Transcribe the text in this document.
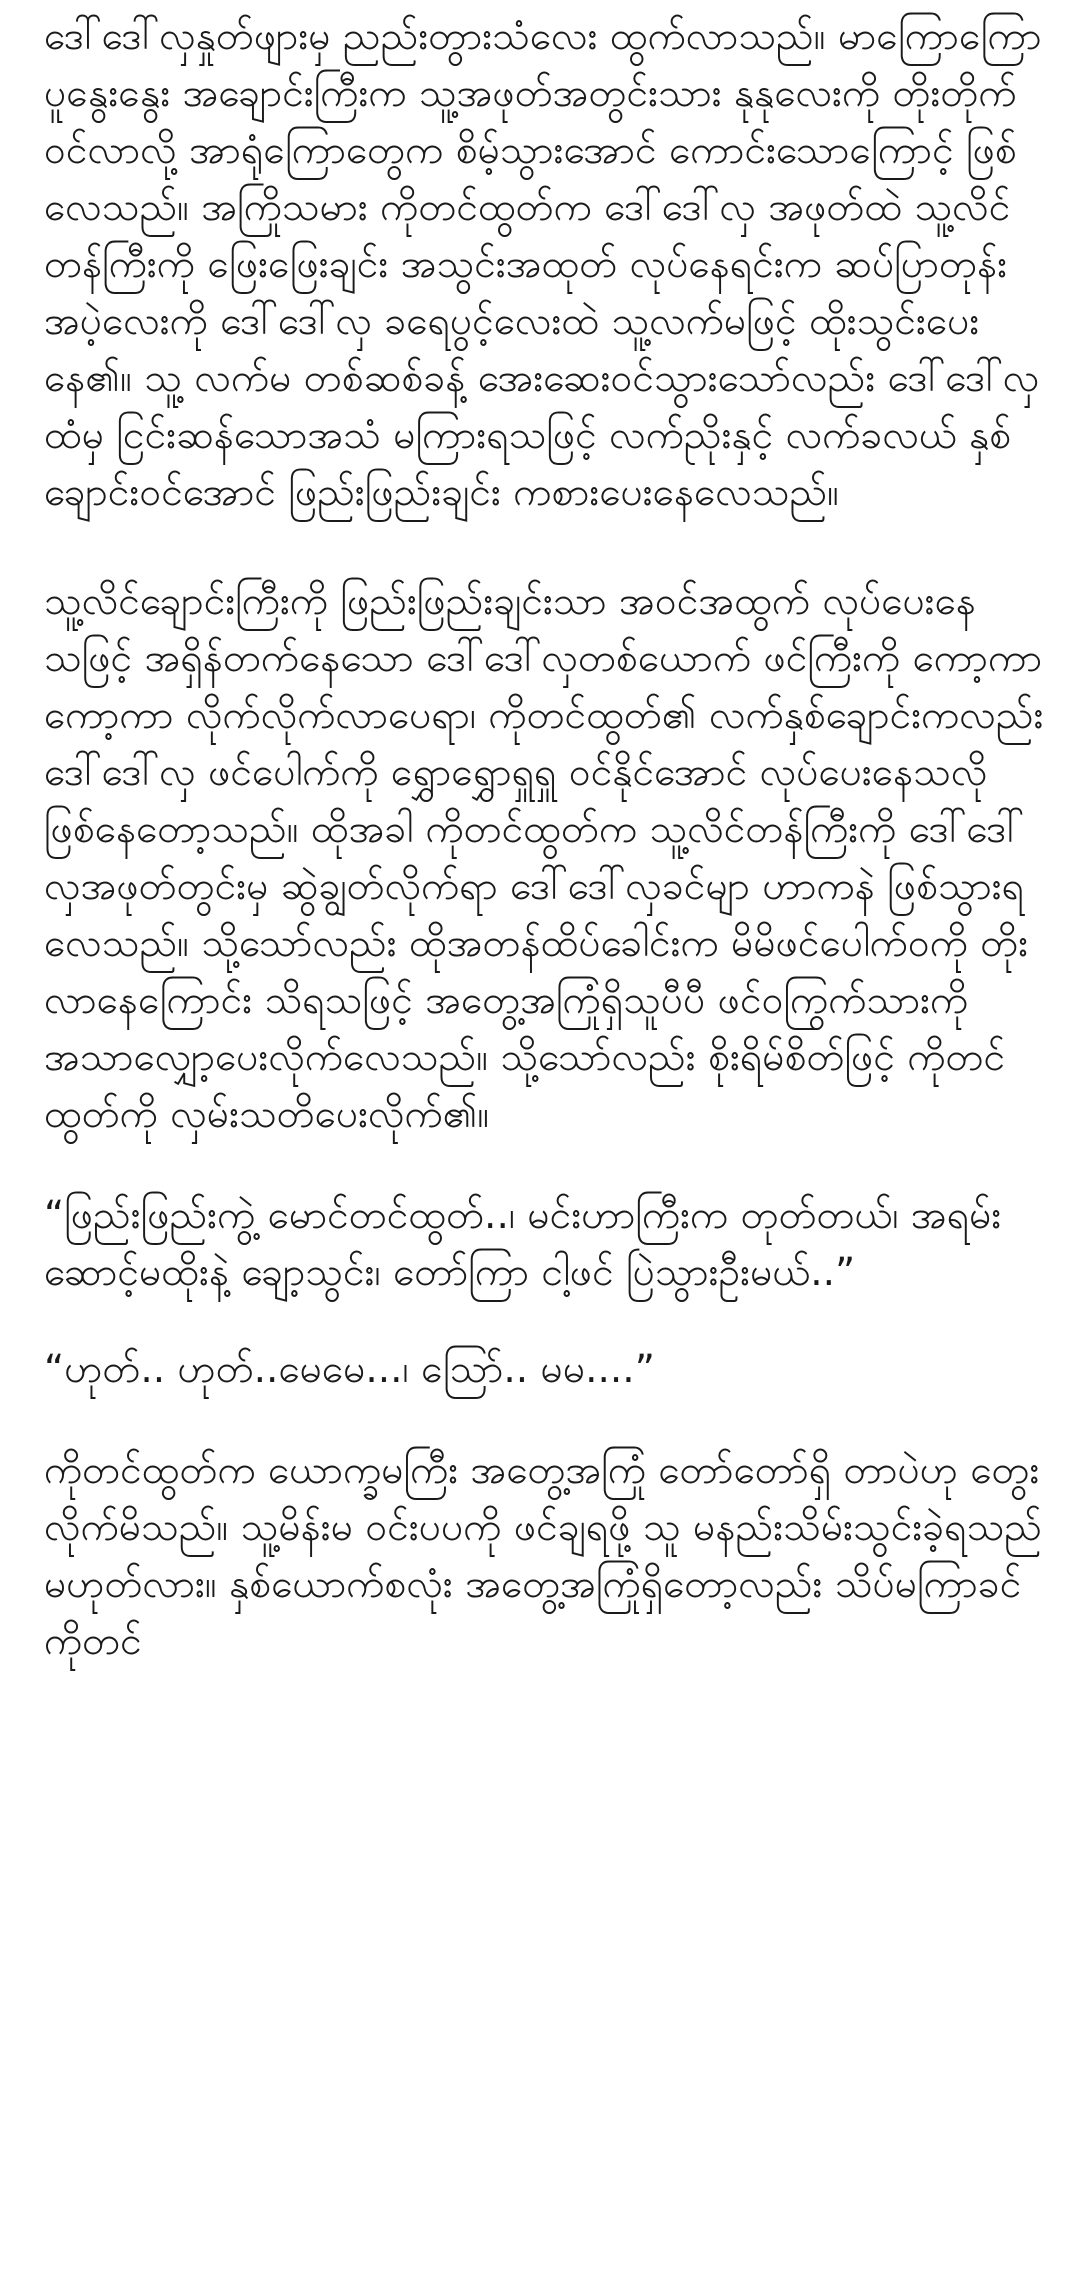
ဒေါ်ဒေါ်လှနှုတ်ဖျားမှ ညည်းတွားသံလေး ထွက်လာသည်။ မာကြောကြော ပူနွေးနွေး အချောင်းကြီးက သူ့အဖုတ်အတွင်းသား နုနုလေးကို တိုးတိုက်ဝင်လာလို့ အာရုံကြောတွေက စိမ့်သွားအောင် ကောင်းသောကြောင့် ဖြစ်လေသည်။ အကြိုသမား ကိုတင်ထွတ်က ဒေါ်ဒေါ်လှ အဖုတ်ထဲ သူ့လိင်တန်ကြီးကို ဖြေးဖြေးချင်း အသွင်းအထုတ် လုပ်နေရင်းက ဆပ်ပြာတုန်း အပဲ့လေးကို ဒေါ်ဒေါ်လှ ခရေပွင့်လေးထဲ သူ့လက်မဖြင့် ထိုးသွင်းပေးနေ၏။ သူ့ လက်မ တစ်ဆစ်ခန့် အေးဆေးဝင်သွားသော်လည်း ဒေါ်ဒေါ်လှထံမှ ငြင်းဆန်သောအသံ မကြားရသဖြင့် လက်ညိုးနှင့် လက်ခလယ် နှစ်ချောင်းဝင်အောင် ဖြည်းဖြည်းချင်း ကစားပေးနေလေသည်။

သူ့လိင်ချောင်းကြီးကို ဖြည်းဖြည်းချင်းသာ အဝင်အထွက် လုပ်ပေးနေသဖြင့် အရှိန်တက်နေသော ဒေါ်ဒေါ်လှတစ်ယောက် ဖင်ကြီးကို ကော့ကာကော့ကာ လိုက်လိုက်လာပေရာ၊ ကိုတင်ထွတ်၏ လက်နှစ်ချောင်းကလည်း ဒေါ်ဒေါ်လှ ဖင်ပေါက်ကို ရွှောရွှောရှူရှူ ဝင်နိုင်အောင် လုပ်ပေးနေသလို ဖြစ်နေတော့သည်။ ထိုအခါ ကိုတင်ထွတ်က သူ့လိင်တန်ကြီးကို ဒေါ်ဒေါ်လှအဖုတ်တွင်းမှ ဆွဲချွတ်လိုက်ရာ ဒေါ်ဒေါ်လှခင်မျာ ဟာကနဲ ဖြစ်သွားရလေသည်။ သို့သော်လည်း ထိုအတန်ထိပ်ခေါင်းက မိမိဖင်ပေါက်ဝကို တိုးလာနေကြောင်း သိရသဖြင့် အတွေ့အကြုံရှိသူပီပီ ဖင်ဝကြွက်သားကို အသာလျှော့ပေးလိုက်လေသည်။ သို့သော်လည်း စိုးရိမ်စိတ်ဖြင့် ကိုတင်ထွတ်ကို လှမ်းသတိပေးလိုက်၏။

“ဖြည်းဖြည်းကွဲ့ မောင်တင်ထွတ်..၊ မင်းဟာကြီးက တုတ်တယ်၊ အရမ်းဆောင့်မထိုးနဲ့ ချော့သွင်း၊ တော်ကြာ ငါ့ဖင် ပြဲသွားဦးမယ်..”

“ဟုတ်.. ဟုတ်..မေမေ...၊ ဩော်.. မမ....”

ကိုတင်ထွတ်က ယောက္ခမကြီး အတွေ့အကြုံ တော်တော်ရှိ တာပဲဟု တွေးလိုက်မိသည်။ သူ့မိန်းမ ဝင်းပပကို ဖင်ချရဖို့ သူ မနည်းသိမ်းသွင်းခဲ့ရသည် မဟုတ်လား။ နှစ်ယောက်စလုံး အတွေ့အကြုံရှိတော့လည်း သိပ်မကြာခင် ကိုတင်
